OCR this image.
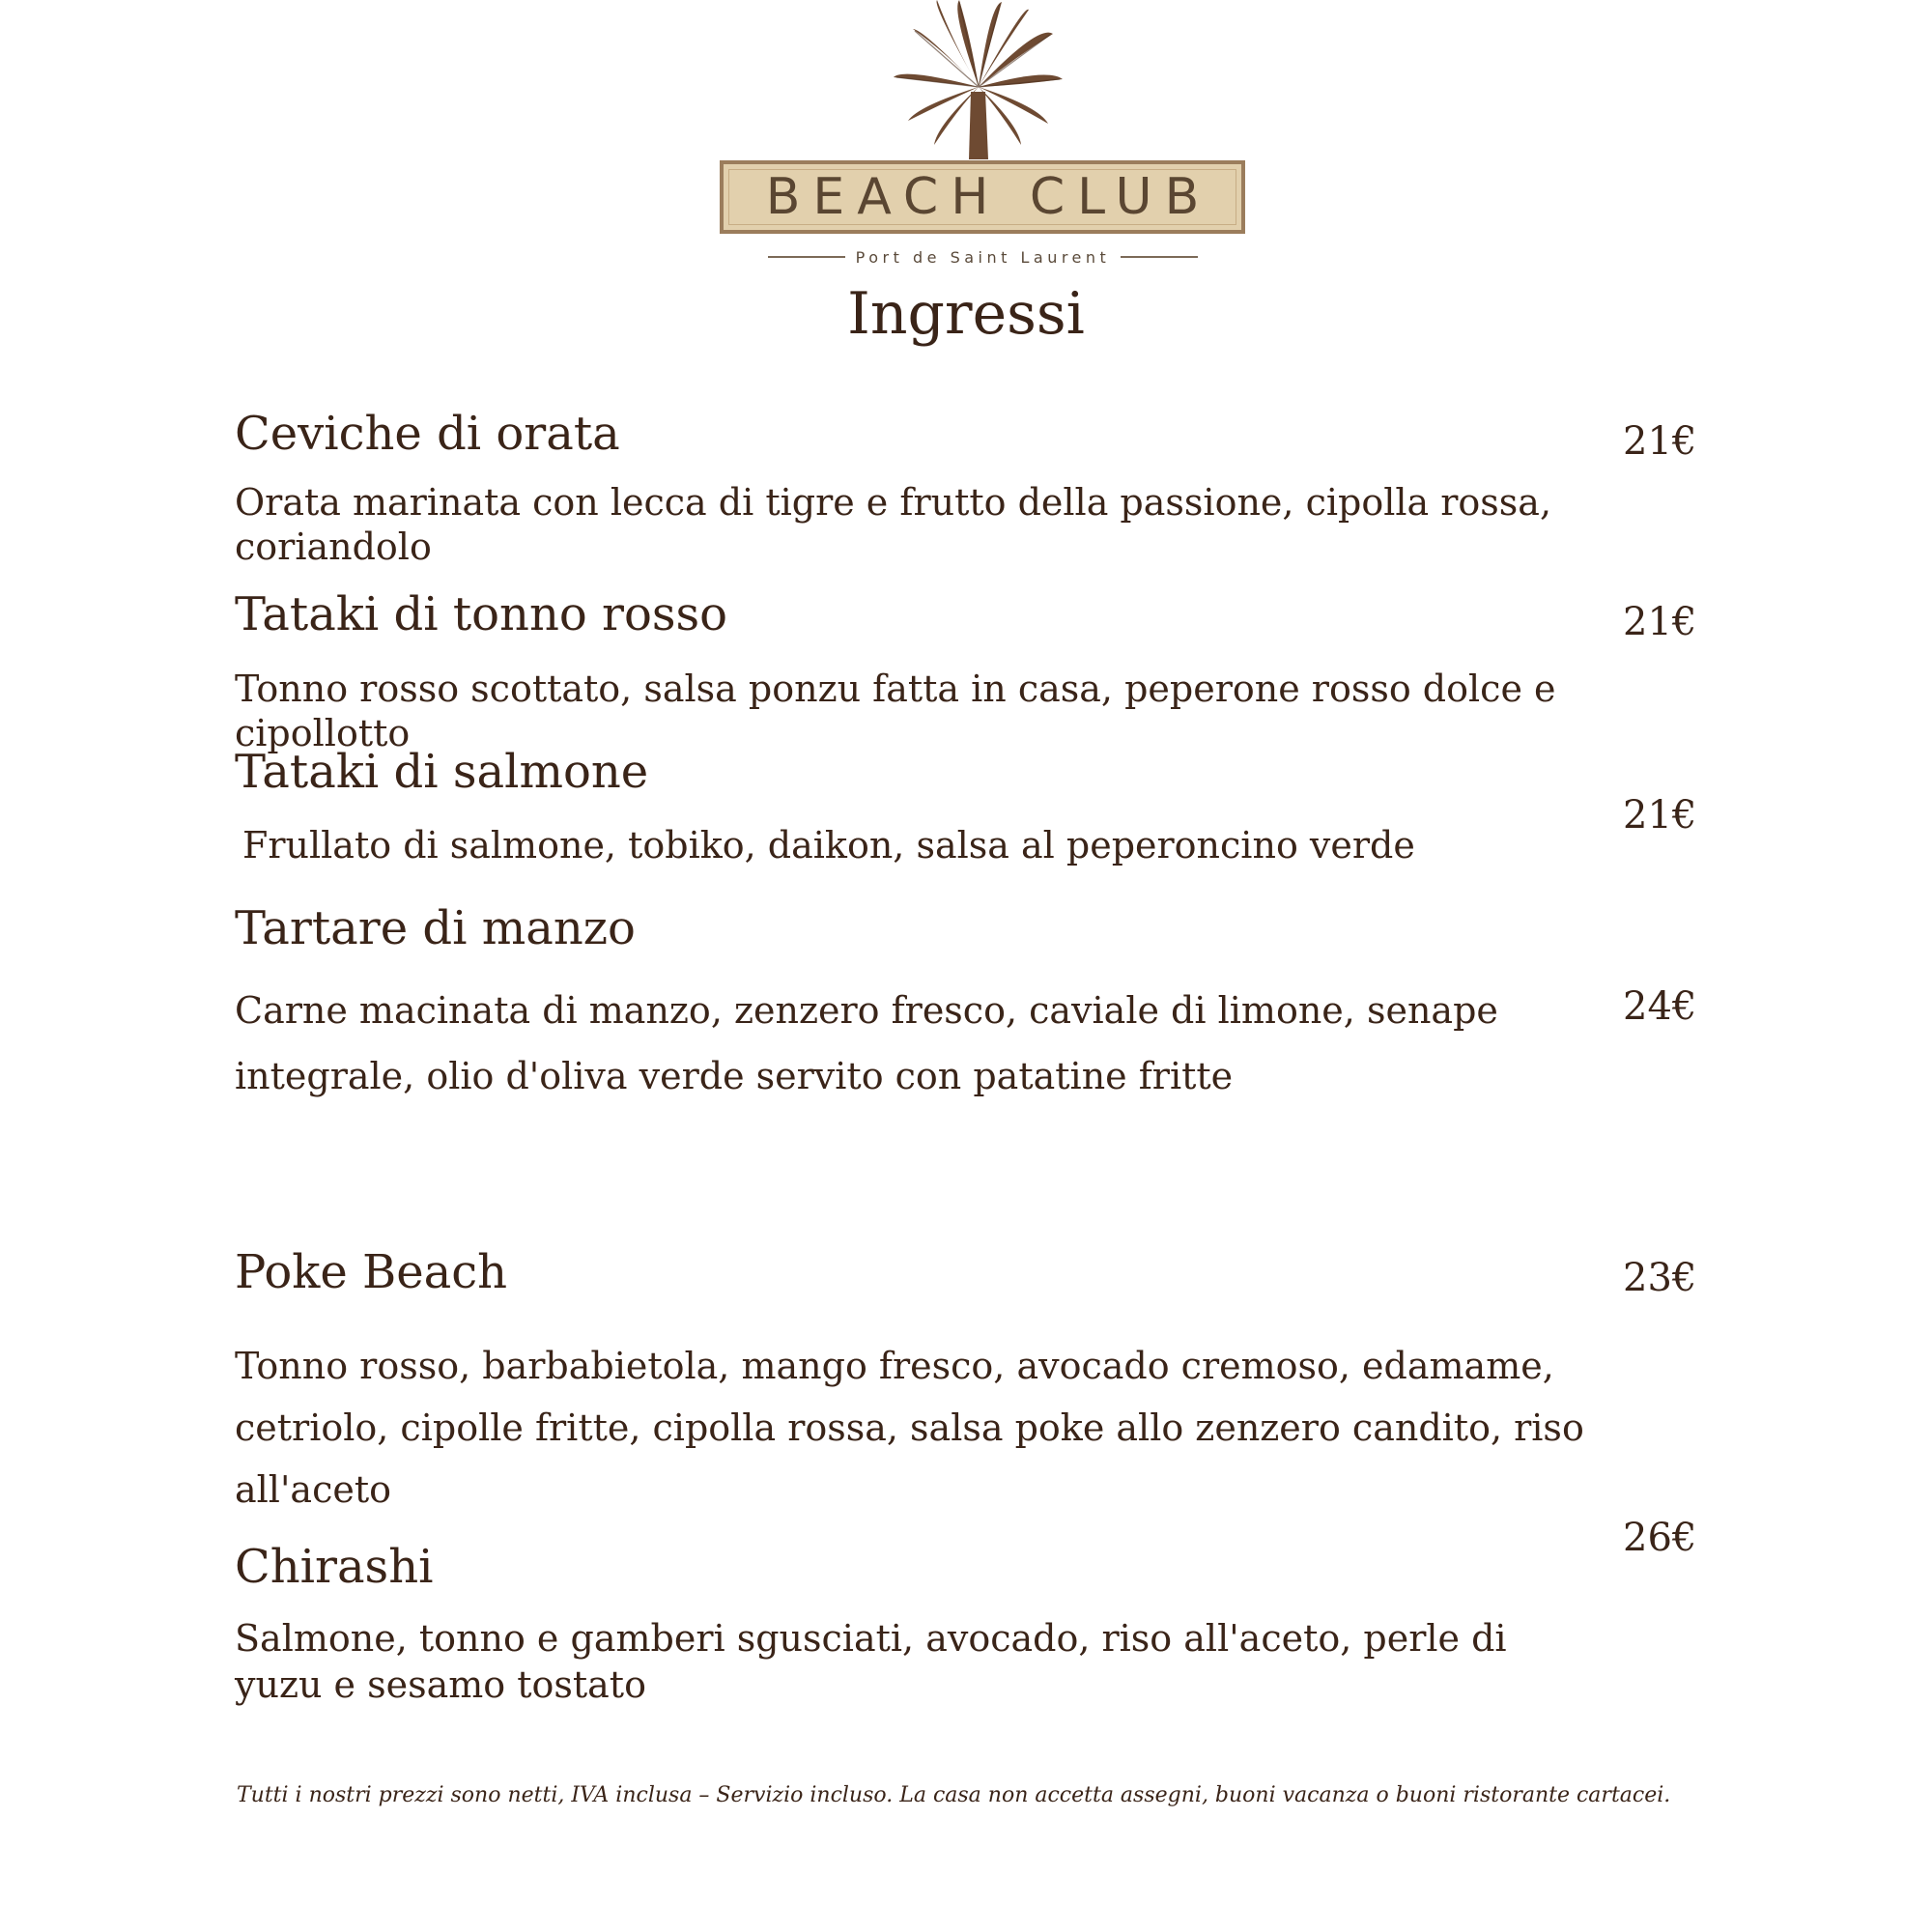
BEACH CLUB
Port de Saint Laurent
Ingressi
Ceviche di orata	21€
Orata marinata con lecca di tigre e frutto della passione, cipolla rossa, coriandolo
Tataki di tonno rosso	21€
Tonno rosso scottato, salsa ponzu fatta in casa, peperone rosso dolce e cipollotto
Tataki di salmone
21€
Frullato di salmone, tobiko, daikon, salsa al peperoncino verde
Tartare di manzo
24€
Carne macinata di manzo, zenzero fresco, caviale di limone, senape integrale, olio d'oliva verde servito con patatine fritte
Poke Beach	23€
Tonno rosso, barbabietola, mango fresco, avocado cremoso, edamame, cetriolo, cipolle fritte, cipolla rossa, salsa poke allo zenzero candito, riso all'aceto
Chirashi
26€
Salmone, tonno e gamberi sgusciati, avocado, riso all'aceto, perle di yuzu e sesamo tostato
Tutti i nostri prezzi sono netti, IVA inclusa – Servizio incluso. La casa non accetta assegni, buoni vacanza o buoni ristorante cartacei.
